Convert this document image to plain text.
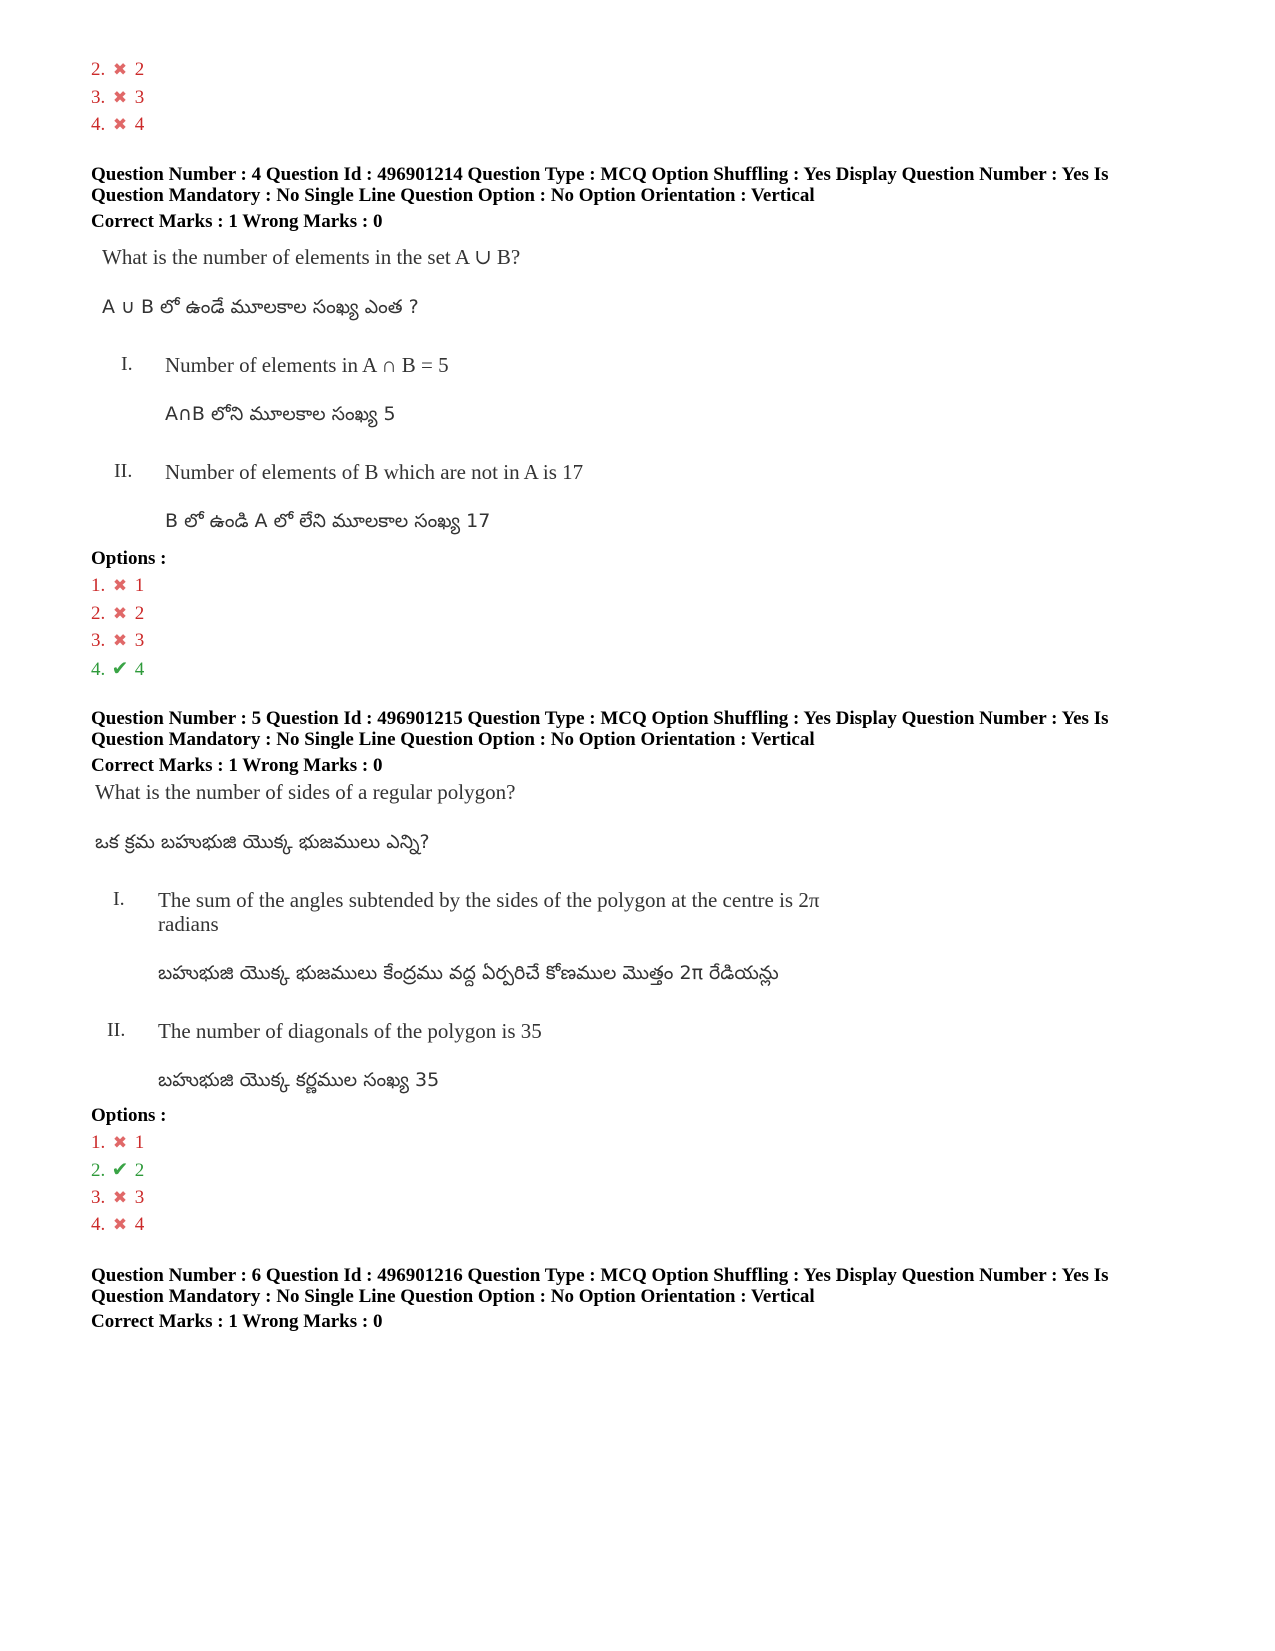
2. ✖ 2
3. ✖ 3
4. ✖ 4
Question Number : 4 Question Id : 496901214 Question Type : MCQ Option Shuffling : Yes Display Question Number : Yes Is
Question Mandatory : No Single Line Question Option : No Option Orientation : Vertical
Correct Marks : 1 Wrong Marks : 0
What is the number of elements in the set A ∪ B?
A ∪ B లో ఉండే మూలకాల సంఖ్య ఎంత ?
I. Number of elements in A ∩ B = 5
A∩B లోని మూలకాల సంఖ్య 5
II. Number of elements of B which are not in A is 17
B లో ఉండి A లో లేని మూలకాల సంఖ్య 17
Options :
1. ✖ 1
2. ✖ 2
3. ✖ 3
4. ✔ 4
Question Number : 5 Question Id : 496901215 Question Type : MCQ Option Shuffling : Yes Display Question Number : Yes Is
Question Mandatory : No Single Line Question Option : No Option Orientation : Vertical
Correct Marks : 1 Wrong Marks : 0
What is the number of sides of a regular polygon?
ఒక క్రమ బహుభుజి యొక్క భుజములు ఎన్ని?
I. The sum of the angles subtended by the sides of the polygon at the centre is 2π
radians
బహుభుజి యొక్క భుజములు కేంద్రము వద్ద ఏర్పరిచే కోణముల మొత్తం 2π రేడియన్లు
II. The number of diagonals of the polygon is 35
బహుభుజి యొక్క కర్ణముల సంఖ్య 35
Options :
1. ✖ 1
2. ✔ 2
3. ✖ 3
4. ✖ 4
Question Number : 6 Question Id : 496901216 Question Type : MCQ Option Shuffling : Yes Display Question Number : Yes Is
Question Mandatory : No Single Line Question Option : No Option Orientation : Vertical
Correct Marks : 1 Wrong Marks : 0
